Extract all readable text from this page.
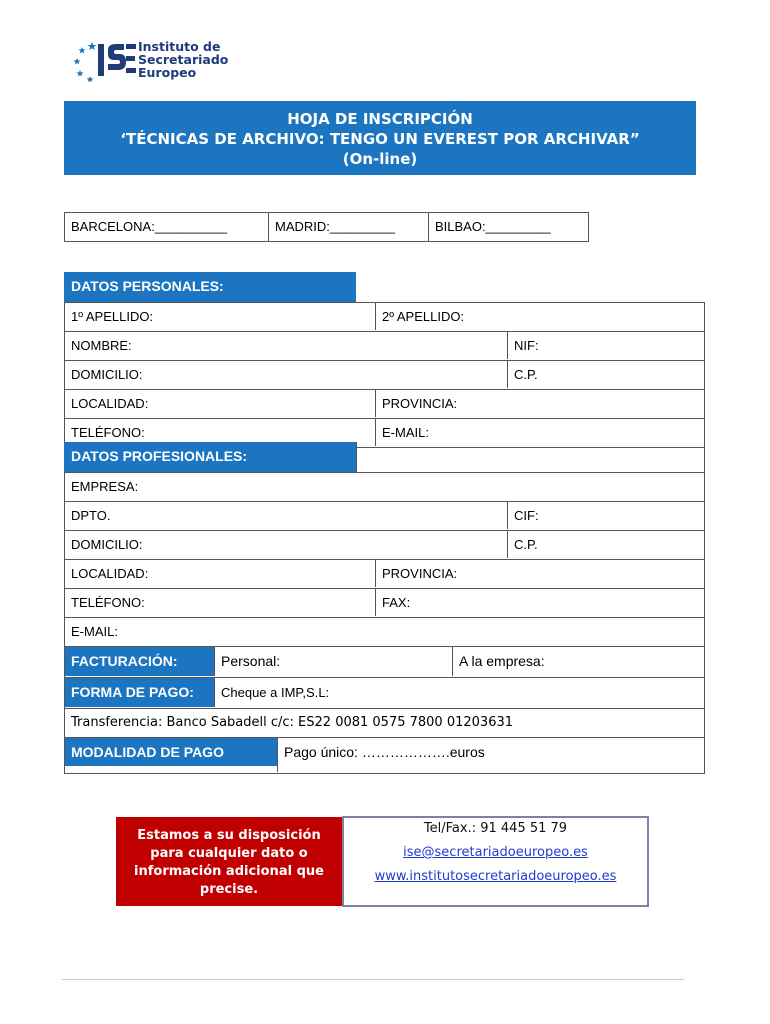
Instituto de
Secretariado
Europeo
HOJA DE INSCRIPCIÓN
‘TÉCNICAS DE ARCHIVO: TENGO UN EVEREST POR ARCHIVAR”
(On-line)
BARCELONA:__________	MADRID:_________	BILBAO:_________
DATOS PERSONALES:
1º APELLIDO:	2º APELLIDO:
NOMBRE:	NIF:
DOMICILIO:	C.P.
LOCALIDAD:	PROVINCIA:
TELÉFONO:	E-MAIL:
DATOS PROFESIONALES:
EMPRESA:
DPTO.	CIF:
DOMICILIO:	C.P.
LOCALIDAD:	PROVINCIA:
TELÉFONO:	FAX:
E-MAIL:
FACTURACIÓN:	Personal:	A la empresa:
FORMA DE PAGO:	Cheque a IMP,S.L:
Transferencia: Banco Sabadell c/c: ES22 0081 0575 7800 01203631
MODALIDAD DE PAGO	Pago único: ……………….euros
Estamos a su disposición
para cualquier dato o
información adicional que
precise.
Tel/Fax.: 91 445 51 79
ise@secretariadoeuropeo.es
www.institutosecretariadoeuropeo.es
